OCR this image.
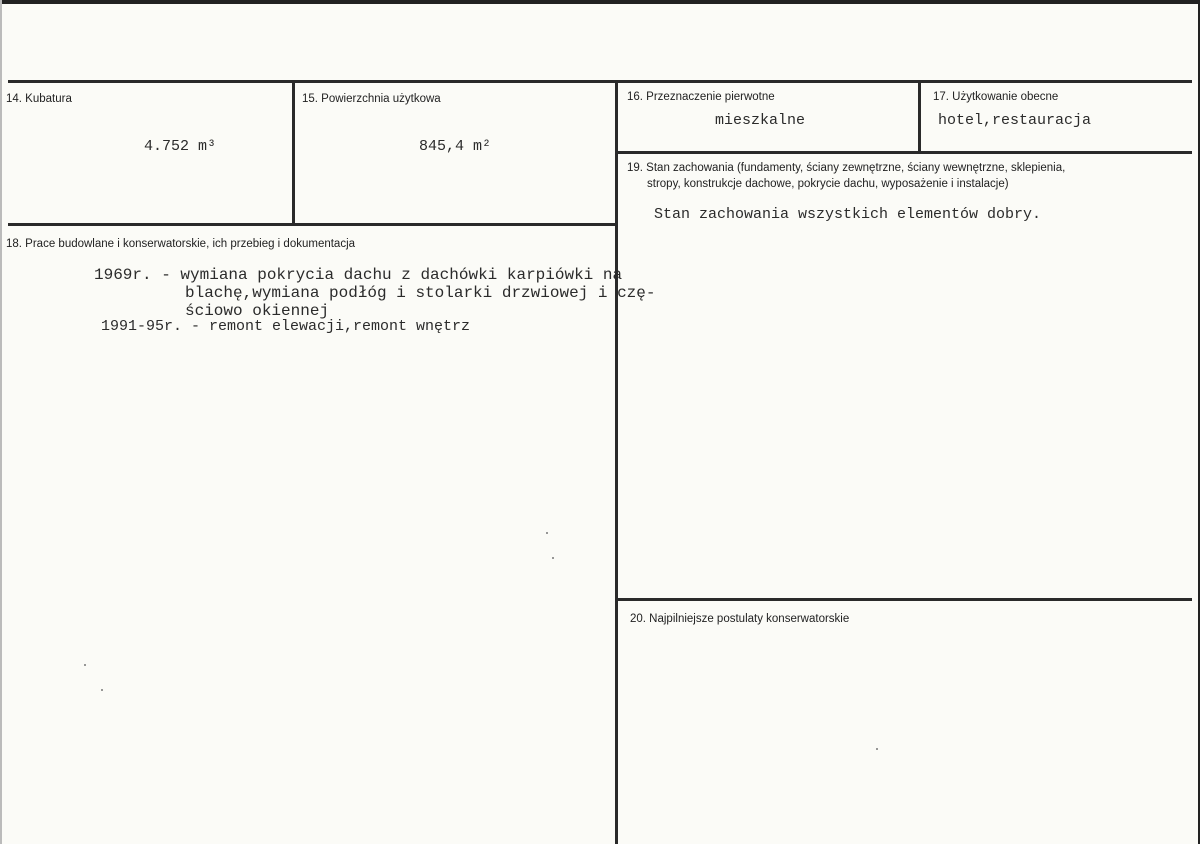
14. Kubatura
4.752 m³
15. Powierzchnia użytkowa
845,4 m²
16. Przeznaczenie pierwotne
mieszkalne
17. Użytkowanie obecne
hotel,restauracja
18. Prace budowlane i konserwatorskie, ich przebieg i dokumentacja
1969r. - wymiana pokrycia dachu z dachówki karpiówki na
blachę,wymiana podłóg i stolarki drzwiowej i czę-
ściowo okiennej
1991-95r. - remont elewacji,remont wnętrz
19. Stan zachowania (fundamenty, ściany zewnętrzne, ściany wewnętrzne, sklepienia,
stropy, konstrukcje dachowe, pokrycie dachu, wyposażenie i instalacje)
Stan zachowania wszystkich elementów dobry.
20. Najpilniejsze postulaty konserwatorskie
